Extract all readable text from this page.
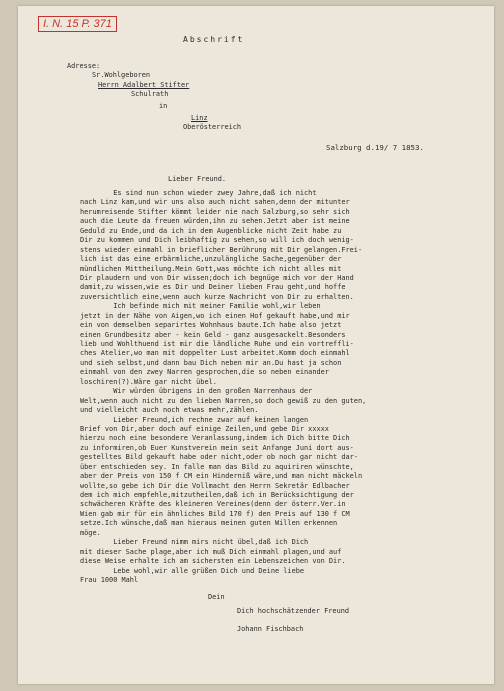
I. N. 15 P. 371
Abschrift
Adresse:
Sr.Wohlgeboren
Herrn Adalbert Stifter
Schulrath
in
Linz
Oberösterreich
Salzburg d.19/ 7 1853.
Lieber Freund.
Es sind nun schon wieder zwey Jahre,daß ich nicht
nach Linz kam,und wir uns also auch nicht sahen,denn der mitunter
herumreisende Stifter kömmt leider nie nach Salzburg,so sehr sich
auch die Leute da freuen würden,ihn zu sehen.Jetzt aber ist meine
Geduld zu Ende,und da ich in dem Augenblicke nicht Zeit habe zu
Dir zu kommen und Dich leibhaftig zu sehen,so will ich doch wenig-
stens wieder einmahl in brieflicher Berührung mit Dir gelangen.Frei-
lich ist das eine erbärmliche,unzulängliche Sache,gegenüber der
mündlichen Mittheilung.Mein Gott,was möchte ich nicht alles mit
Dir plaudern und von Dir wissen;doch ich begnüge mich vor der Hand
damit,zu wissen,wie es Dir und Deiner lieben Frau geht,und hoffe
zuversichtlich eine,wenn auch kurze Nachricht von Dir zu erhalten.
Ich befinde mich mit meiner Familie wohl,wir leben
jetzt in der Nähe von Aigen,wo ich einen Hof gekauft habe,und mir
ein von demselben separirtes Wohnhaus baute.Ich habe also jetzt
einen Grundbesitz aber - kein Geld - ganz ausgesackelt.Besonders
lieb und Wohlthuend ist mir die ländliche Ruhe und ein vortreffli-
ches Atelier,wo man mit doppelter Lust arbeitet.Komm doch einmahl
und sieh selbst,und dann bau Dich neben mir an.Du hast ja schon
einmahl von den zwey Narren gesprochen,die so neben einander
loschiren(?).Wäre gar nicht übel.
Wir würden übrigens in den großen Narrenhaus der
Welt,wenn auch nicht zu den lieben Narren,so doch gewiß zu den guten,
und vielleicht auch noch etwas mehr,zählen.
Lieber Freund,ich rechne zwar auf keinen langen
Brief von Dir,aber doch auf einige Zeilen,und gebe Dir xxxxx
hierzu noch eine besondere Veranlassung,indem ich Dich bitte Dich
zu informiren,ob Euer Kunstverein mein seit Anfange Juni dort aus-
gestelltes Bild gekauft habe oder nicht,oder ob noch gar nicht dar-
über entschieden sey. In falle man das Bild zu aquiriren wünschte,
aber der Preis von 150 f CM ein Hinderniß wäre,und man nicht mäckeln
wollte,so gebe ich Dir die Vollmacht den Herrn Sekretär Edlbacher
dem ich mich empfehle,mitzutheilen,daß ich in Berücksichtigung der
schwächeren Kräfte des kleineren Vereines(denn der österr.Ver.in
Wien gab mir für ein ähnliches Bild 170 f) den Preis auf 130 f CM
setze.Ich wünsche,daß man hieraus meinen guten Willen erkennen
möge.
Lieber Freund nimm mirs nicht übel,daß ich Dich
mit dieser Sache plage,aber ich muß Dich einmahl plagen,und auf
diese Weise erhalte ich am sichersten ein Lebenszeichen von Dir.
Lebe wohl,wir alle grüßen Dich und Deine liebe
Frau 1000 Mahl
Dein
Dich hochschätzender Freund
Johann Fischbach
